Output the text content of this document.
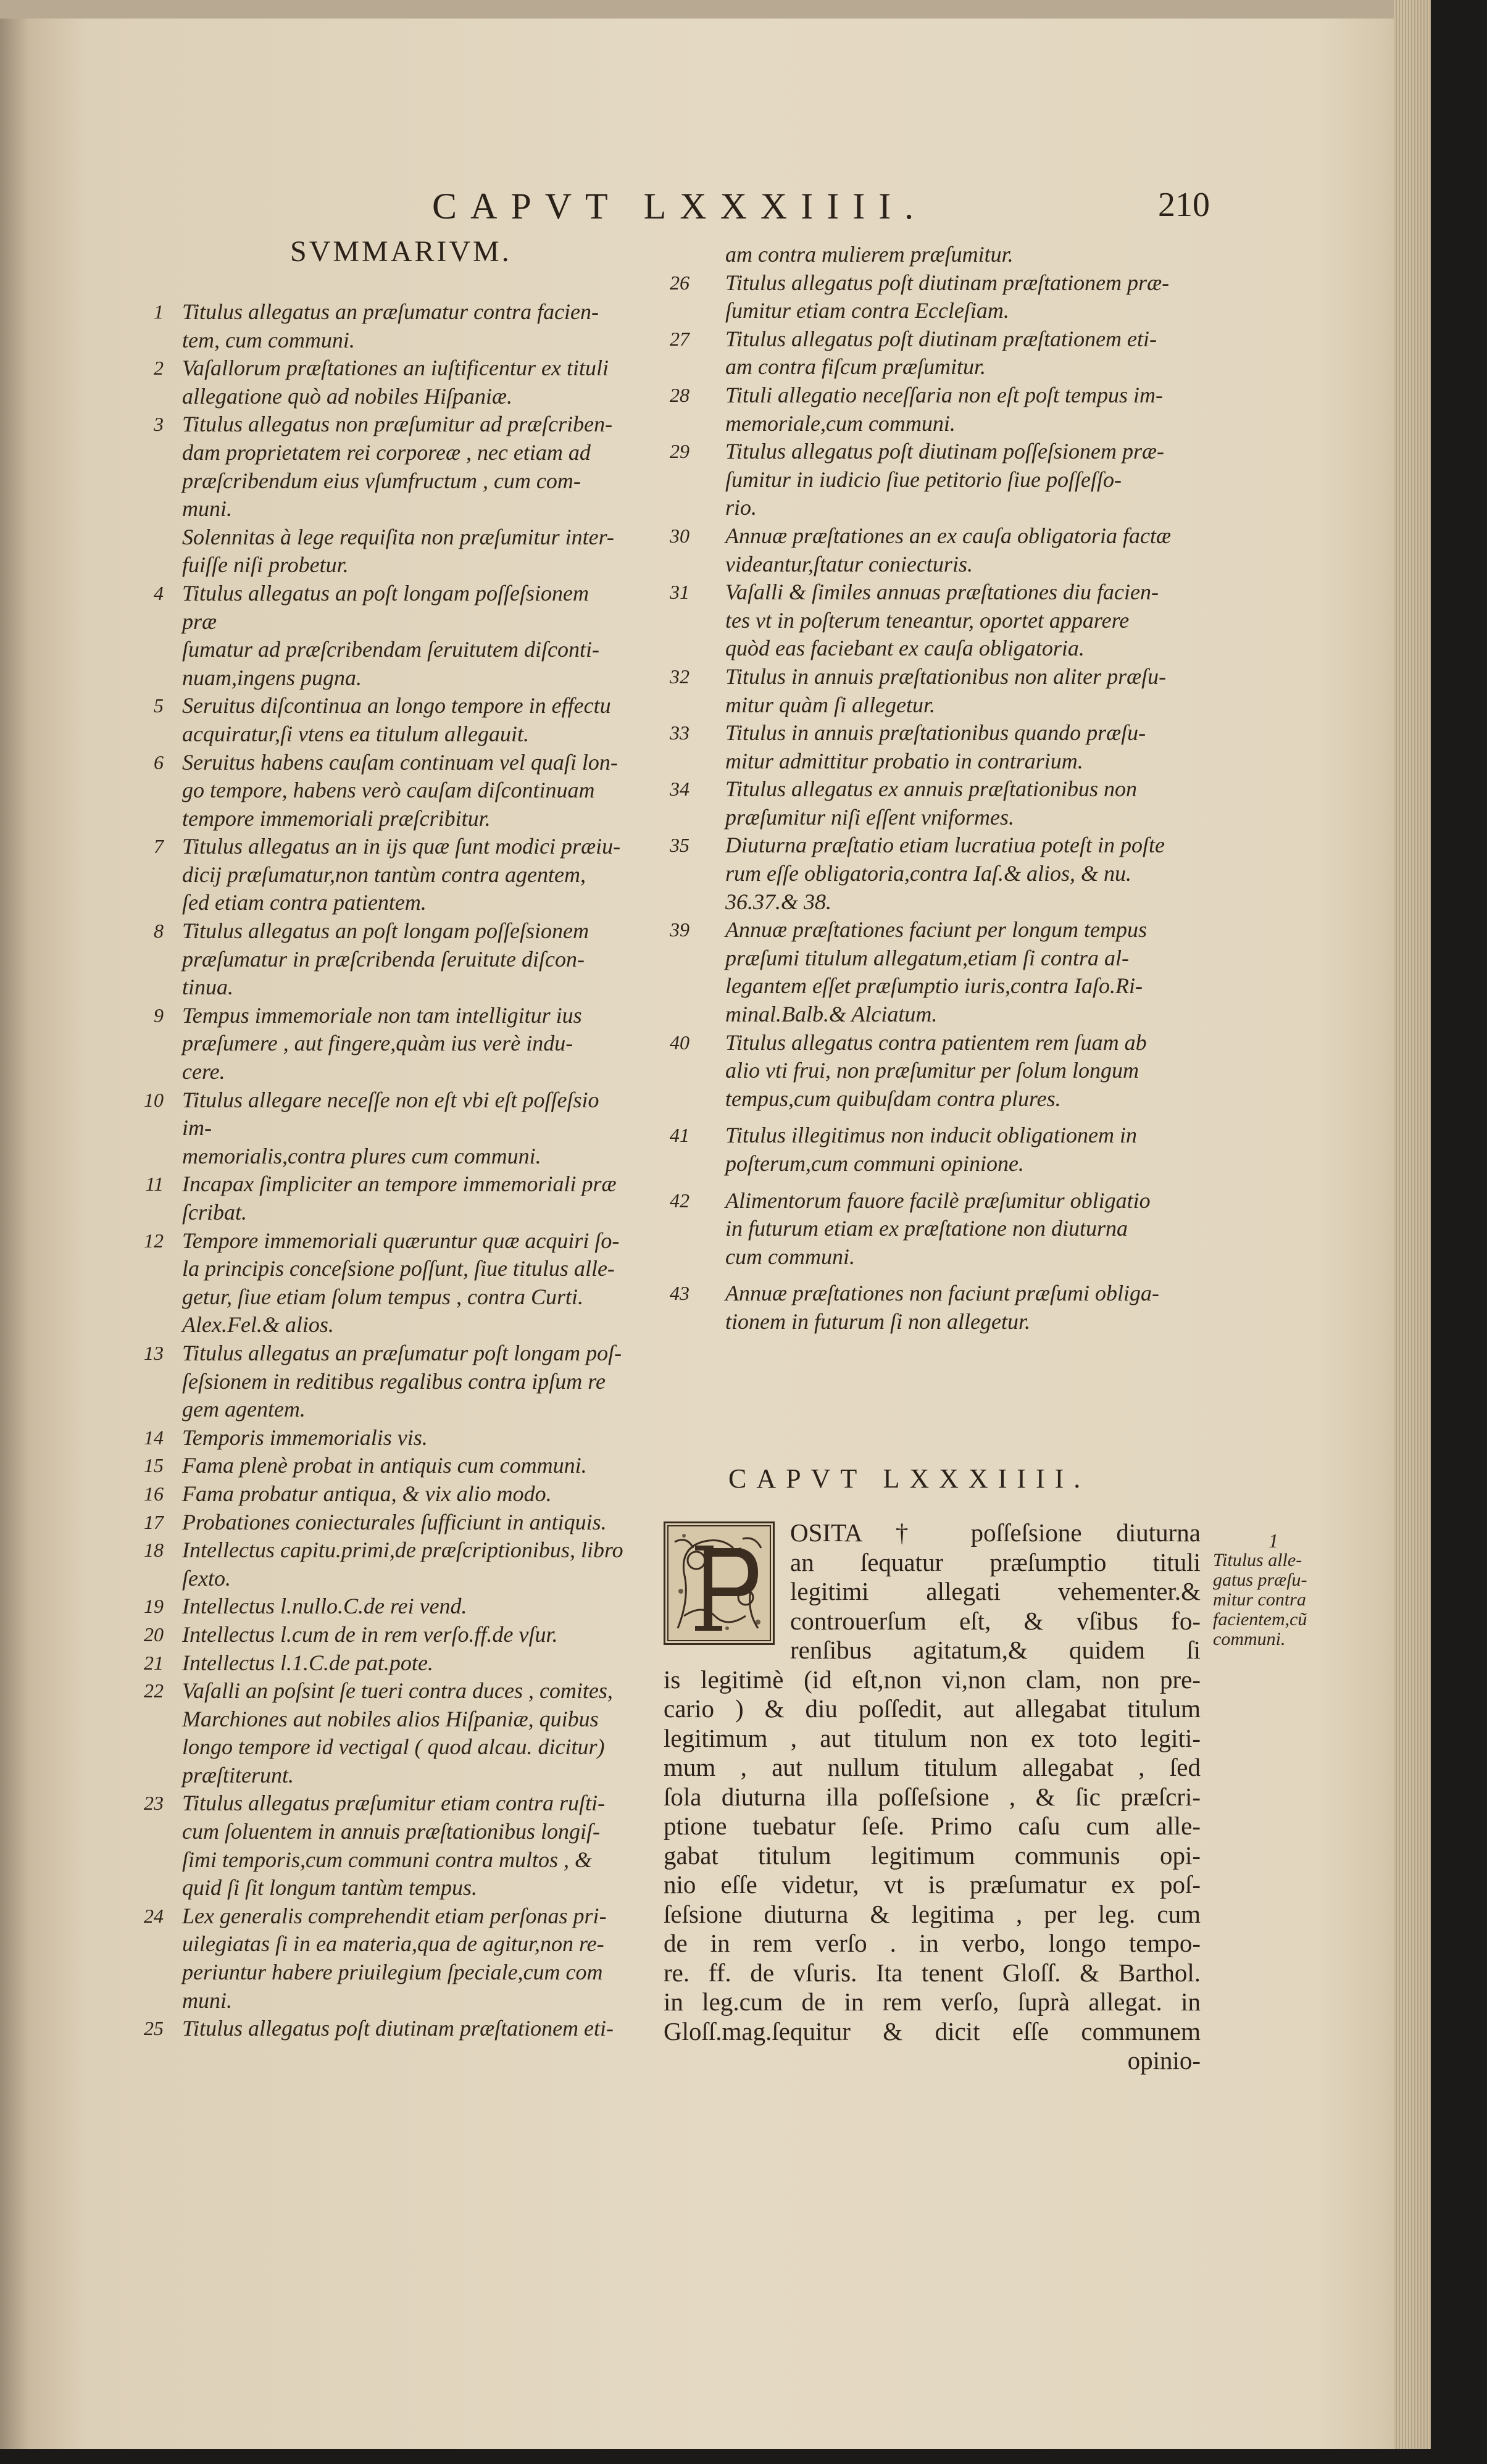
CAPVT LXXXIIII.	210
SVMMARIVM.
1 Titulus allegatus an præſumatur contra facien-
tem, cum communi.
2 Vaſallorum præſtationes an iuſtificentur ex tituli
allegatione quò ad nobiles Hiſpaniæ.
3 Titulus allegatus non præſumitur ad præſcriben-
dam proprietatem rei corporeæ , nec etiam ad
præſcribendum eius vſumfructum , cum com-
muni.
Solennitas à lege requiſita non præſumitur inter-
fuiſſe niſi probetur.
4 Titulus allegatus an poſt longam poſſeſsionem præ
ſumatur ad præſcribendam ſeruitutem diſconti-
nuam,ingens pugna.
5 Seruitus diſcontinua an longo tempore in effectu
acquiratur,ſi vtens ea titulum allegauit.
6 Seruitus habens cauſam continuam vel quaſi lon-
go tempore, habens verò cauſam diſcontinuam
tempore immemoriali præſcribitur.
7 Titulus allegatus an in ijs quæ ſunt modici præiu-
dicij præſumatur,non tantùm contra agentem,
ſed etiam contra patientem.
8 Titulus allegatus an poſt longam poſſeſsionem
præſumatur in præſcribenda ſeruitute diſcon-
tinua.
9 Tempus immemoriale non tam intelligitur ius
præſumere , aut fingere,quàm ius verè indu-
cere.
10 Titulus allegare neceſſe non eſt vbi eſt poſſeſsio im-
memorialis,contra plures cum communi.
11 Incapax ſimpliciter an tempore immemoriali præ
ſcribat.
12 Tempore immemoriali quæruntur quæ acquiri ſo-
la principis conceſsione poſſunt, ſiue titulus alle-
getur, ſiue etiam ſolum tempus , contra Curti.
Alex.Fel.& alios.
13 Titulus allegatus an præſumatur poſt longam poſ-
ſeſsionem in reditibus regalibus contra ipſum re
gem agentem.
14 Temporis immemorialis vis.
15 Fama plenè probat in antiquis cum communi.
16 Fama probatur antiqua, & vix alio modo.
17 Probationes coniecturales ſufficiunt in antiquis.
18 Intellectus capitu.primi,de præſcriptionibus, libro
ſexto.
19 Intellectus l.nullo.C.de rei vend.
20 Intellectus l.cum de in rem verſo.ff.de vſur.
21 Intellectus l.1.C.de pat.pote.
22 Vaſalli an poſsint ſe tueri contra duces , comites,
Marchiones aut nobiles alios Hiſpaniæ, quibus
longo tempore id vectigal ( quod alcau. dicitur)
præſtiterunt.
23 Titulus allegatus præſumitur etiam contra ruſti-
cum ſoluentem in annuis præſtationibus longiſ-
ſimi temporis,cum communi contra multos , &
quid ſi ſit longum tantùm tempus.
24 Lex generalis comprehendit etiam perſonas pri-
uilegiatas ſi in ea materia,qua de agitur,non re-
periuntur habere priuilegium ſpeciale,cum com
muni.
25 Titulus allegatus poſt diutinam præſtationem eti-
am contra mulierem præſumitur.
26	Titulus allegatus poſt diutinam præſtationem præ-
ſumitur etiam contra Eccleſiam.
27	Titulus allegatus poſt diutinam præſtationem eti-
am contra fiſcum præſumitur.
28	Tituli allegatio neceſſaria non eſt poſt tempus im-
memoriale,cum communi.
29	Titulus allegatus poſt diutinam poſſeſsionem præ-
ſumitur in iudicio ſiue petitorio ſiue poſſeſſo-
rio.
30	Annuæ præſtationes an ex cauſa obligatoria factæ
videantur,ſtatur coniecturis.
31	Vaſalli & ſimiles annuas præſtationes diu facien-
tes vt in poſterum teneantur, oportet apparere
quòd eas faciebant ex cauſa obligatoria.
32	Titulus in annuis præſtationibus non aliter præſu-
mitur quàm ſi allegetur.
33	Titulus in annuis præſtationibus quando præſu-
mitur admittitur probatio in contrarium.
34	Titulus allegatus ex annuis præſtationibus non
præſumitur niſi eſſent vniformes.
35	Diuturna præſtatio etiam lucratiua poteſt in poſte
rum eſſe obligatoria,contra Iaſ.& alios, & nu.
36.37.& 38.
39	Annuæ præſtationes faciunt per longum tempus
præſumi titulum allegatum,etiam ſi contra al-
legantem eſſet præſumptio iuris,contra Iaſo.Ri-
minal.Balb.& Alciatum.
40	Titulus allegatus contra patientem rem ſuam ab
alio vti frui, non præſumitur per ſolum longum
tempus,cum quibuſdam contra plures.
41	Titulus illegitimus non inducit obligationem in
poſterum,cum communi opinione.
42	Alimentorum fauore facilè præſumitur obligatio
in futurum etiam ex præſtatione non diuturna
cum communi.
43	Annuæ præſtationes non faciunt præſumi obliga-
tionem in futurum ſi non allegetur.
CAPVT LXXXIIII.
OSITA † poſſeſsione diuturna
an ſequatur præſumptio tituli
legitimi allegati vehementer.&
controuerſum eſt, & vſibus fo-
renſibus agitatum,& quidem ſi
is legitimè (id eſt,non vi,non clam, non pre-
cario ) & diu poſſedit, aut allegabat titulum
legitimum , aut titulum non ex toto legiti-
mum , aut nullum titulum allegabat , ſed
ſola diuturna illa poſſeſsione , & ſic præſcri-
ptione tuebatur ſeſe. Primo caſu cum alle-
gabat titulum legitimum communis opi-
nio eſſe videtur, vt is præſumatur ex poſ-
ſeſsione diuturna & legitima , per leg. cum
de in rem verſo . in verbo, longo tempo-
re. ff. de vſuris. Ita tenent Gloſſ. & Barthol.
in leg.cum de in rem verſo, ſuprà allegat. in
Gloſſ.mag.ſequitur & dicit eſſe communem
opinio-
1
Titulus alle-
gatus præſu-
mitur contra
facientem,cũ
communi.
